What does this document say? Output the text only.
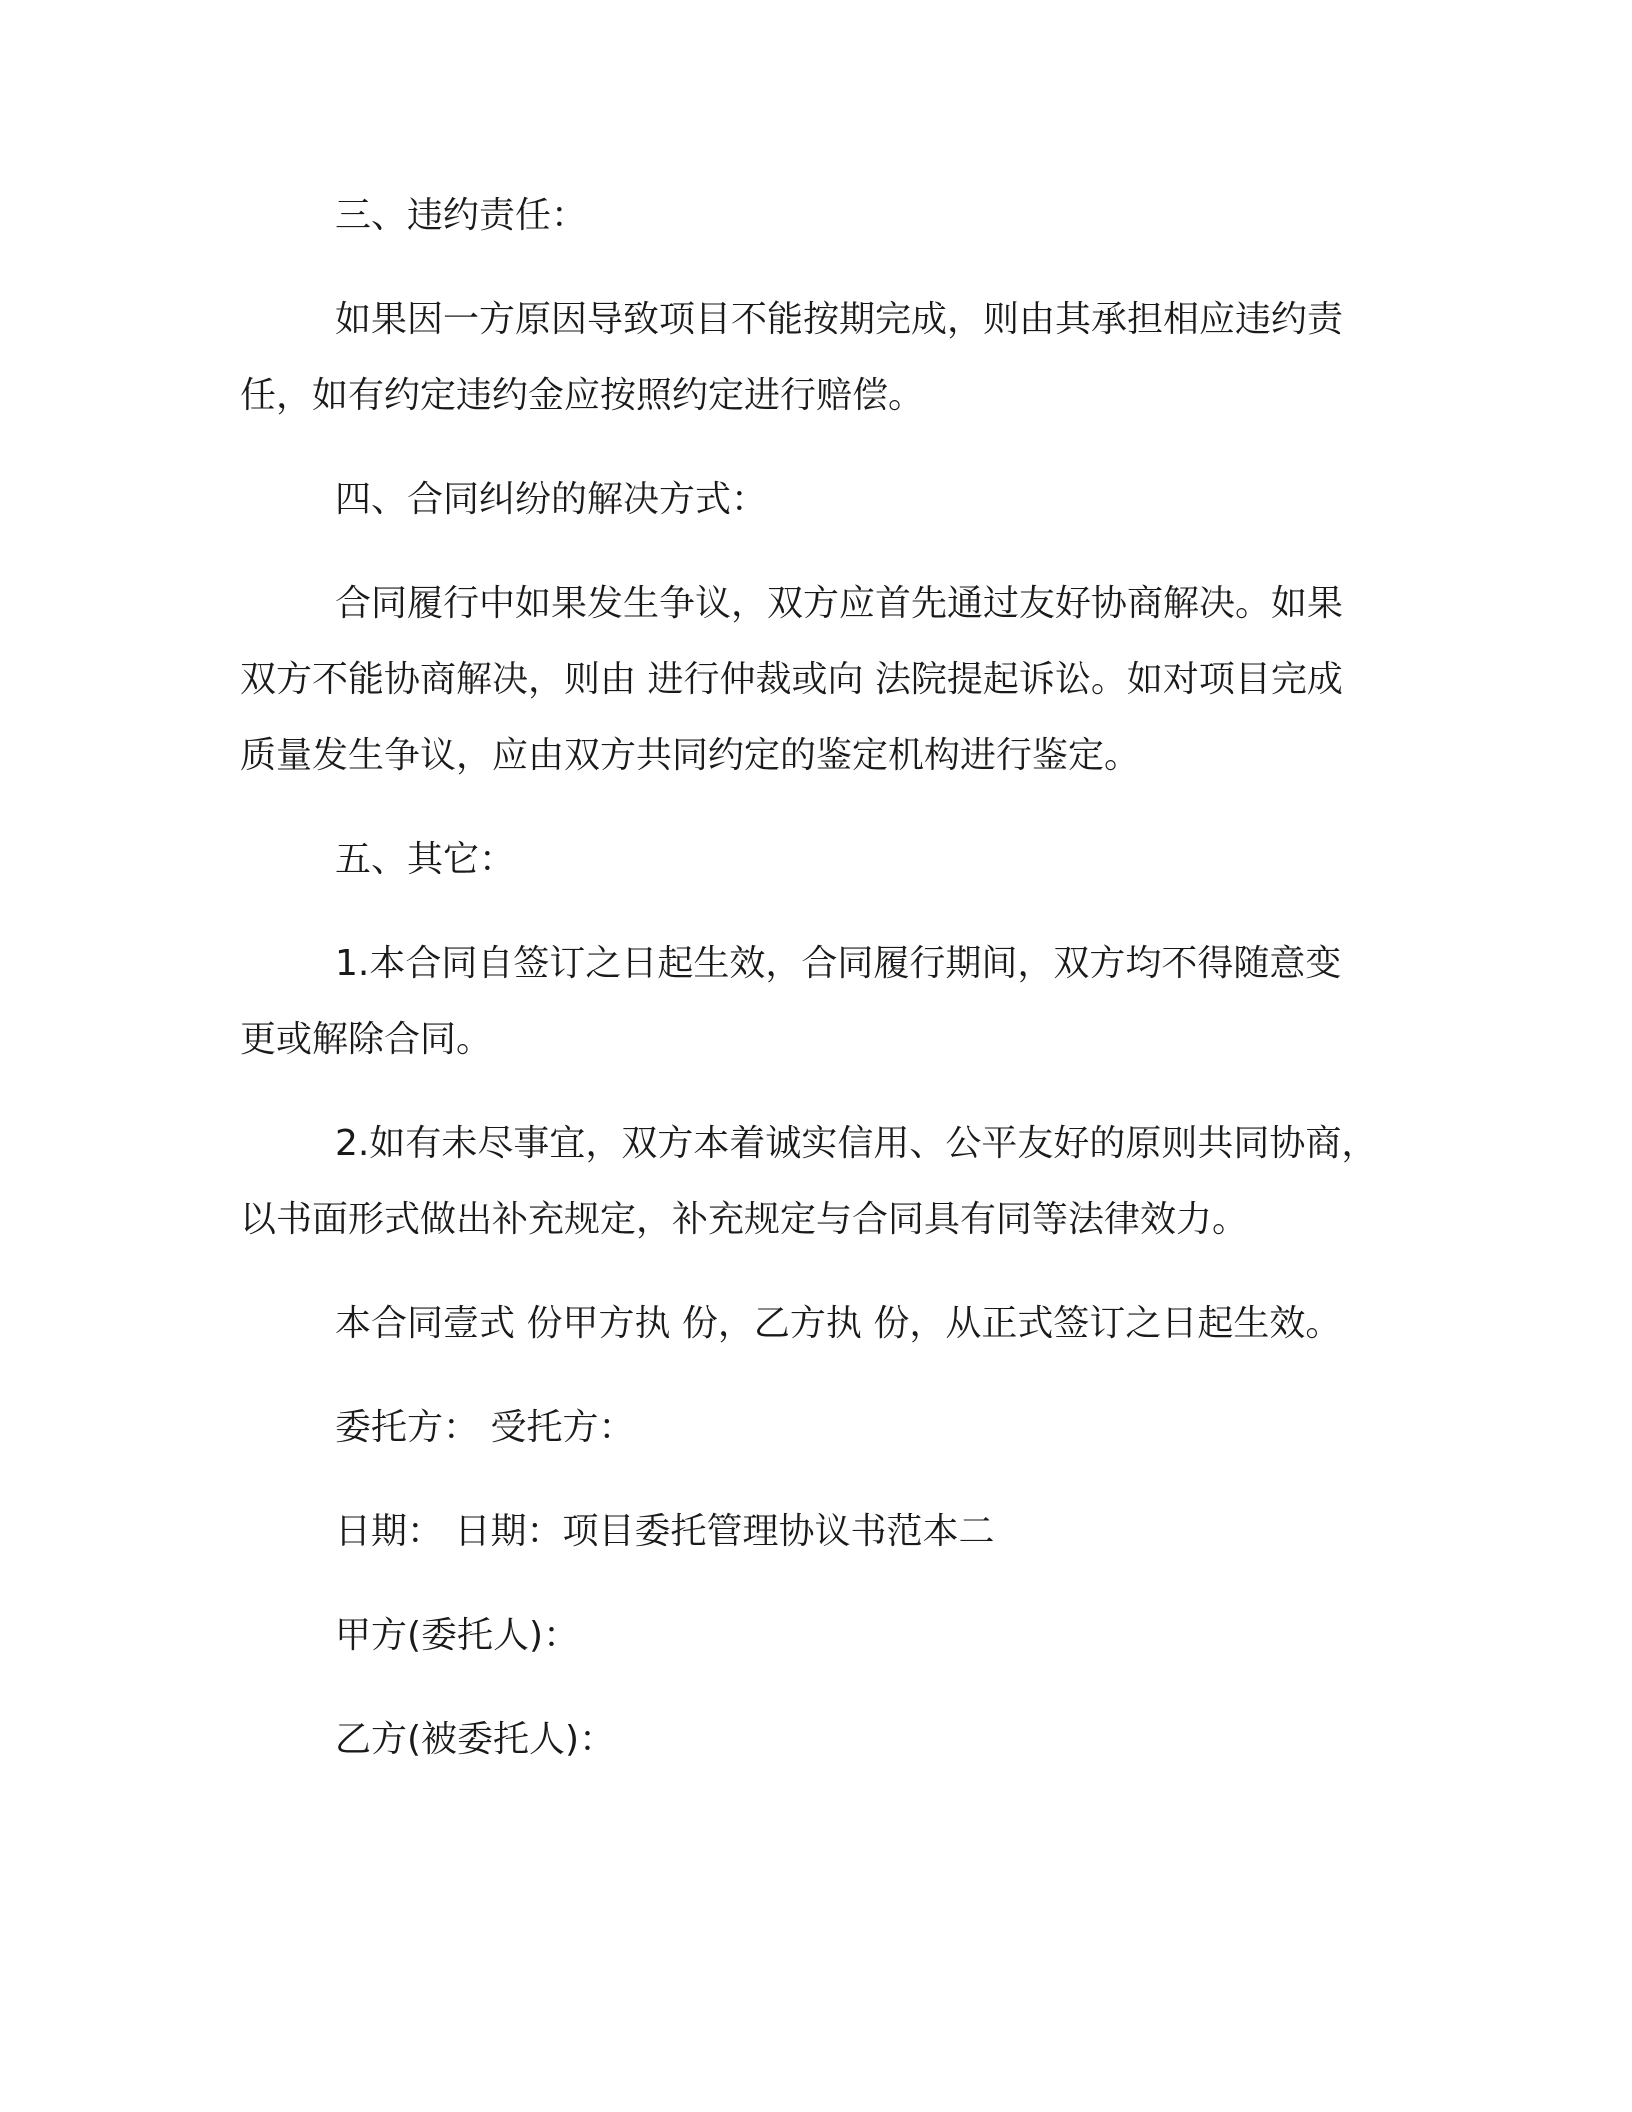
三、违约责任：
如果因一方原因导致项目不能按期完成，则由其承担相应违约责
任，如有约定违约金应按照约定进行赔偿。
四、合同纠纷的解决方式：
合同履行中如果发生争议，双方应首先通过友好协商解决。如果
双方不能协商解决，则由 进行仲裁或向 法院提起诉讼。如对项目完成
质量发生争议，应由双方共同约定的鉴定机构进行鉴定。
五、其它：
1.本合同自签订之日起生效，合同履行期间，双方均不得随意变
更或解除合同。
2.如有未尽事宜，双方本着诚实信用、公平友好的原则共同协商，
以书面形式做出补充规定，补充规定与合同具有同等法律效力。
本合同壹式 份甲方执 份，乙方执 份，从正式签订之日起生效。
委托方： 受托方：
日期： 日期：项目委托管理协议书范本二
甲方(委托人)：
乙方(被委托人)：
